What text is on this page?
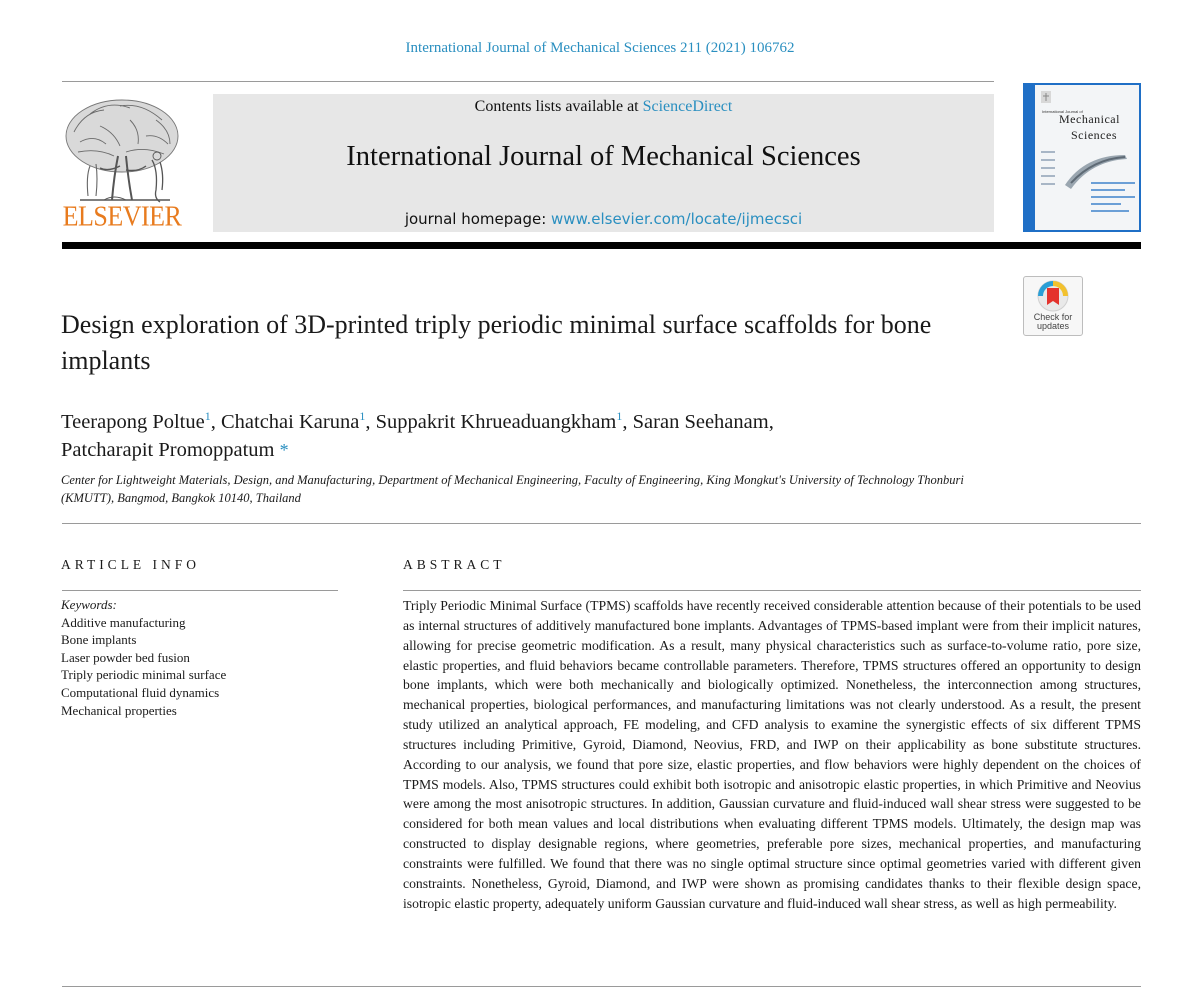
International Journal of Mechanical Sciences 211 (2021) 106762
ELSEVIER
Contents lists available at ScienceDirect
International Journal of Mechanical Sciences
journal homepage: www.elsevier.com/locate/ijmecsci
International Journal of
Mechanical
Sciences
Design exploration of 3D-printed triply periodic minimal surface scaffolds for bone implants
Check for
updates
Teerapong Poltue$^1$, Chatchai Karuna$^1$, Suppakrit Khrueaduangkham$^1$, Saran Seehanam,
Patcharapit Promoppatum *
Center for Lightweight Materials, Design, and Manufacturing, Department of Mechanical Engineering, Faculty of Engineering, King Mongkut's University of Technology Thonburi (KMUTT), Bangmod, Bangkok 10140, Thailand
ARTICLE INFO
Keywords:
Additive manufacturing
Bone implants
Laser powder bed fusion
Triply periodic minimal surface
Computational fluid dynamics
Mechanical properties
ABSTRACT
Triply Periodic Minimal Surface (TPMS) scaffolds have recently received considerable attention because of their potentials to be used as internal structures of additively manufactured bone implants. Advantages of TPMS-based implant were from their implicit natures, allowing for precise geometric modification. As a result, many physical characteristics such as surface-to-volume ratio, pore size, elastic properties, and fluid behaviors became controllable parameters. Therefore, TPMS structures offered an opportunity to design bone implants, which were both mechanically and biologically optimized. Nonetheless, the interconnection among structures, mechanical properties, biological performances, and manufacturing limitations was not clearly understood. As a result, the present study utilized an analytical approach, FE modeling, and CFD analysis to examine the synergistic effects of six different TPMS structures including Primitive, Gyroid, Diamond, Neovius, FRD, and IWP on their applicability as bone substitute structures. According to our analysis, we found that pore size, elastic properties, and flow behaviors were highly dependent on the choices of TPMS models. Also, TPMS structures could exhibit both isotropic and anisotropic elastic properties, in which Primitive and Neovius were among the most anisotropic structures. In addition, Gaussian curvature and fluid-induced wall shear stress were suggested to be considered for both mean values and local distributions when evaluating different TPMS models. Ultimately, the design map was constructed to display designable regions, where geometries, preferable pore sizes, mechanical properties, and manufacturing constraints were fulfilled. We found that there was no single optimal structure since optimal geometries varied with different given constraints. Nonetheless, Gyroid, Diamond, and IWP were shown as promising candidates thanks to their flexible design space, isotropic elastic property, adequately uniform Gaussian curvature and fluid-induced wall shear stress, as well as high permeability.
